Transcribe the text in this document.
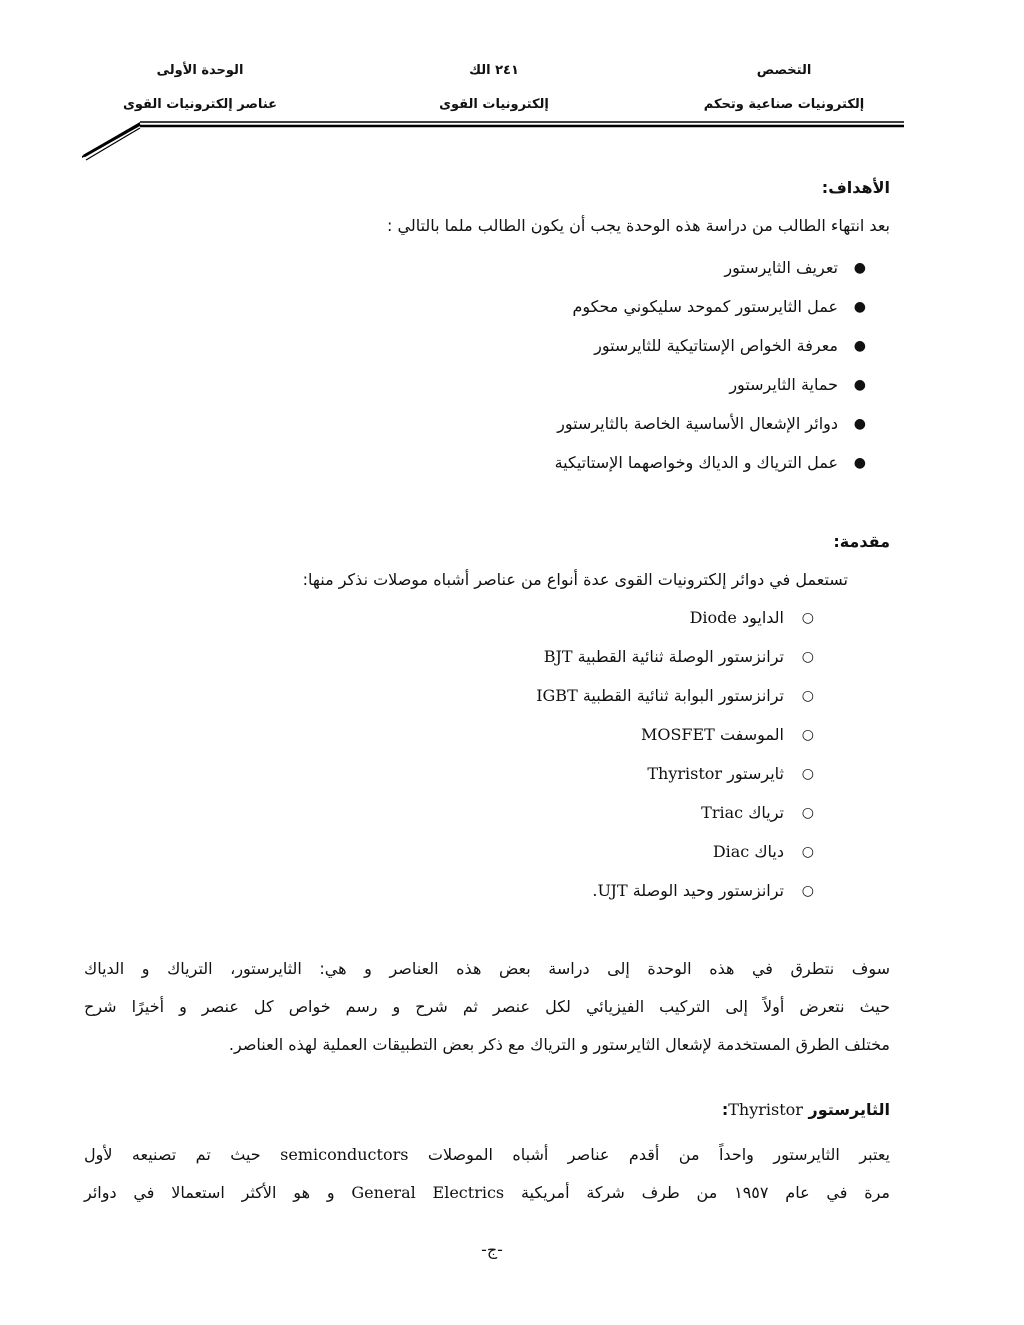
التخصص
إلكترونيات صناعية وتحكم
٢٤١ الك
إلكترونيات القوى
الوحدة الأولى
عناصر إلكترونيات القوى
الأهداف:
بعد انتهاء الطالب من دراسة هذه الوحدة يجب أن يكون الطالب ملما بالتالي :
●
تعريف الثايرستور
●
عمل الثايرستور كموحد سليكوني محكوم
●
معرفة الخواص الإستاتيكية للثايرستور
●
حماية الثايرستور
●
دوائر الإشعال الأساسية الخاصة بالثايرستور
●
عمل الترياك و الدياك وخواصهما الإستاتيكية
مقدمة:
تستعمل في دوائر إلكترونيات القوى عدة أنواع من عناصر أشباه موصلات نذكر منها:
○
الدايود Diode
○
ترانزستور الوصلة ثنائية القطبية BJT
○
ترانزستور البوابة ثنائية القطبية IGBT
○
الموسفت MOSFET
○
ثايرستور Thyristor
○
ترياك Triac
○
دياك Diac
○
ترانزستور وحيد الوصلة UJT.
سوف نتطرق في هذه الوحدة إلى دراسة بعض هذه العناصر و هي: الثايرستور، الترياك و الدياك
حيث نتعرض أولاً إلى التركيب الفيزيائي لكل عنصر ثم شرح و رسم خواص كل عنصر و أخيرًا شرح
مختلف الطرق المستخدمة لإشعال الثايرستور و الترياك مع ذكر بعض التطبيقات العملية لهذه العناصر.
الثايرستور Thyristor:
يعتبر الثايرستور واحداً من أقدم عناصر أشباه الموصلات semiconductors حيث تم تصنيعه لأول
مرة في عام ١٩٥٧ من طرف شركة أمريكية General Electrics و هو الأكثر استعمالا في دوائر
-ج-
